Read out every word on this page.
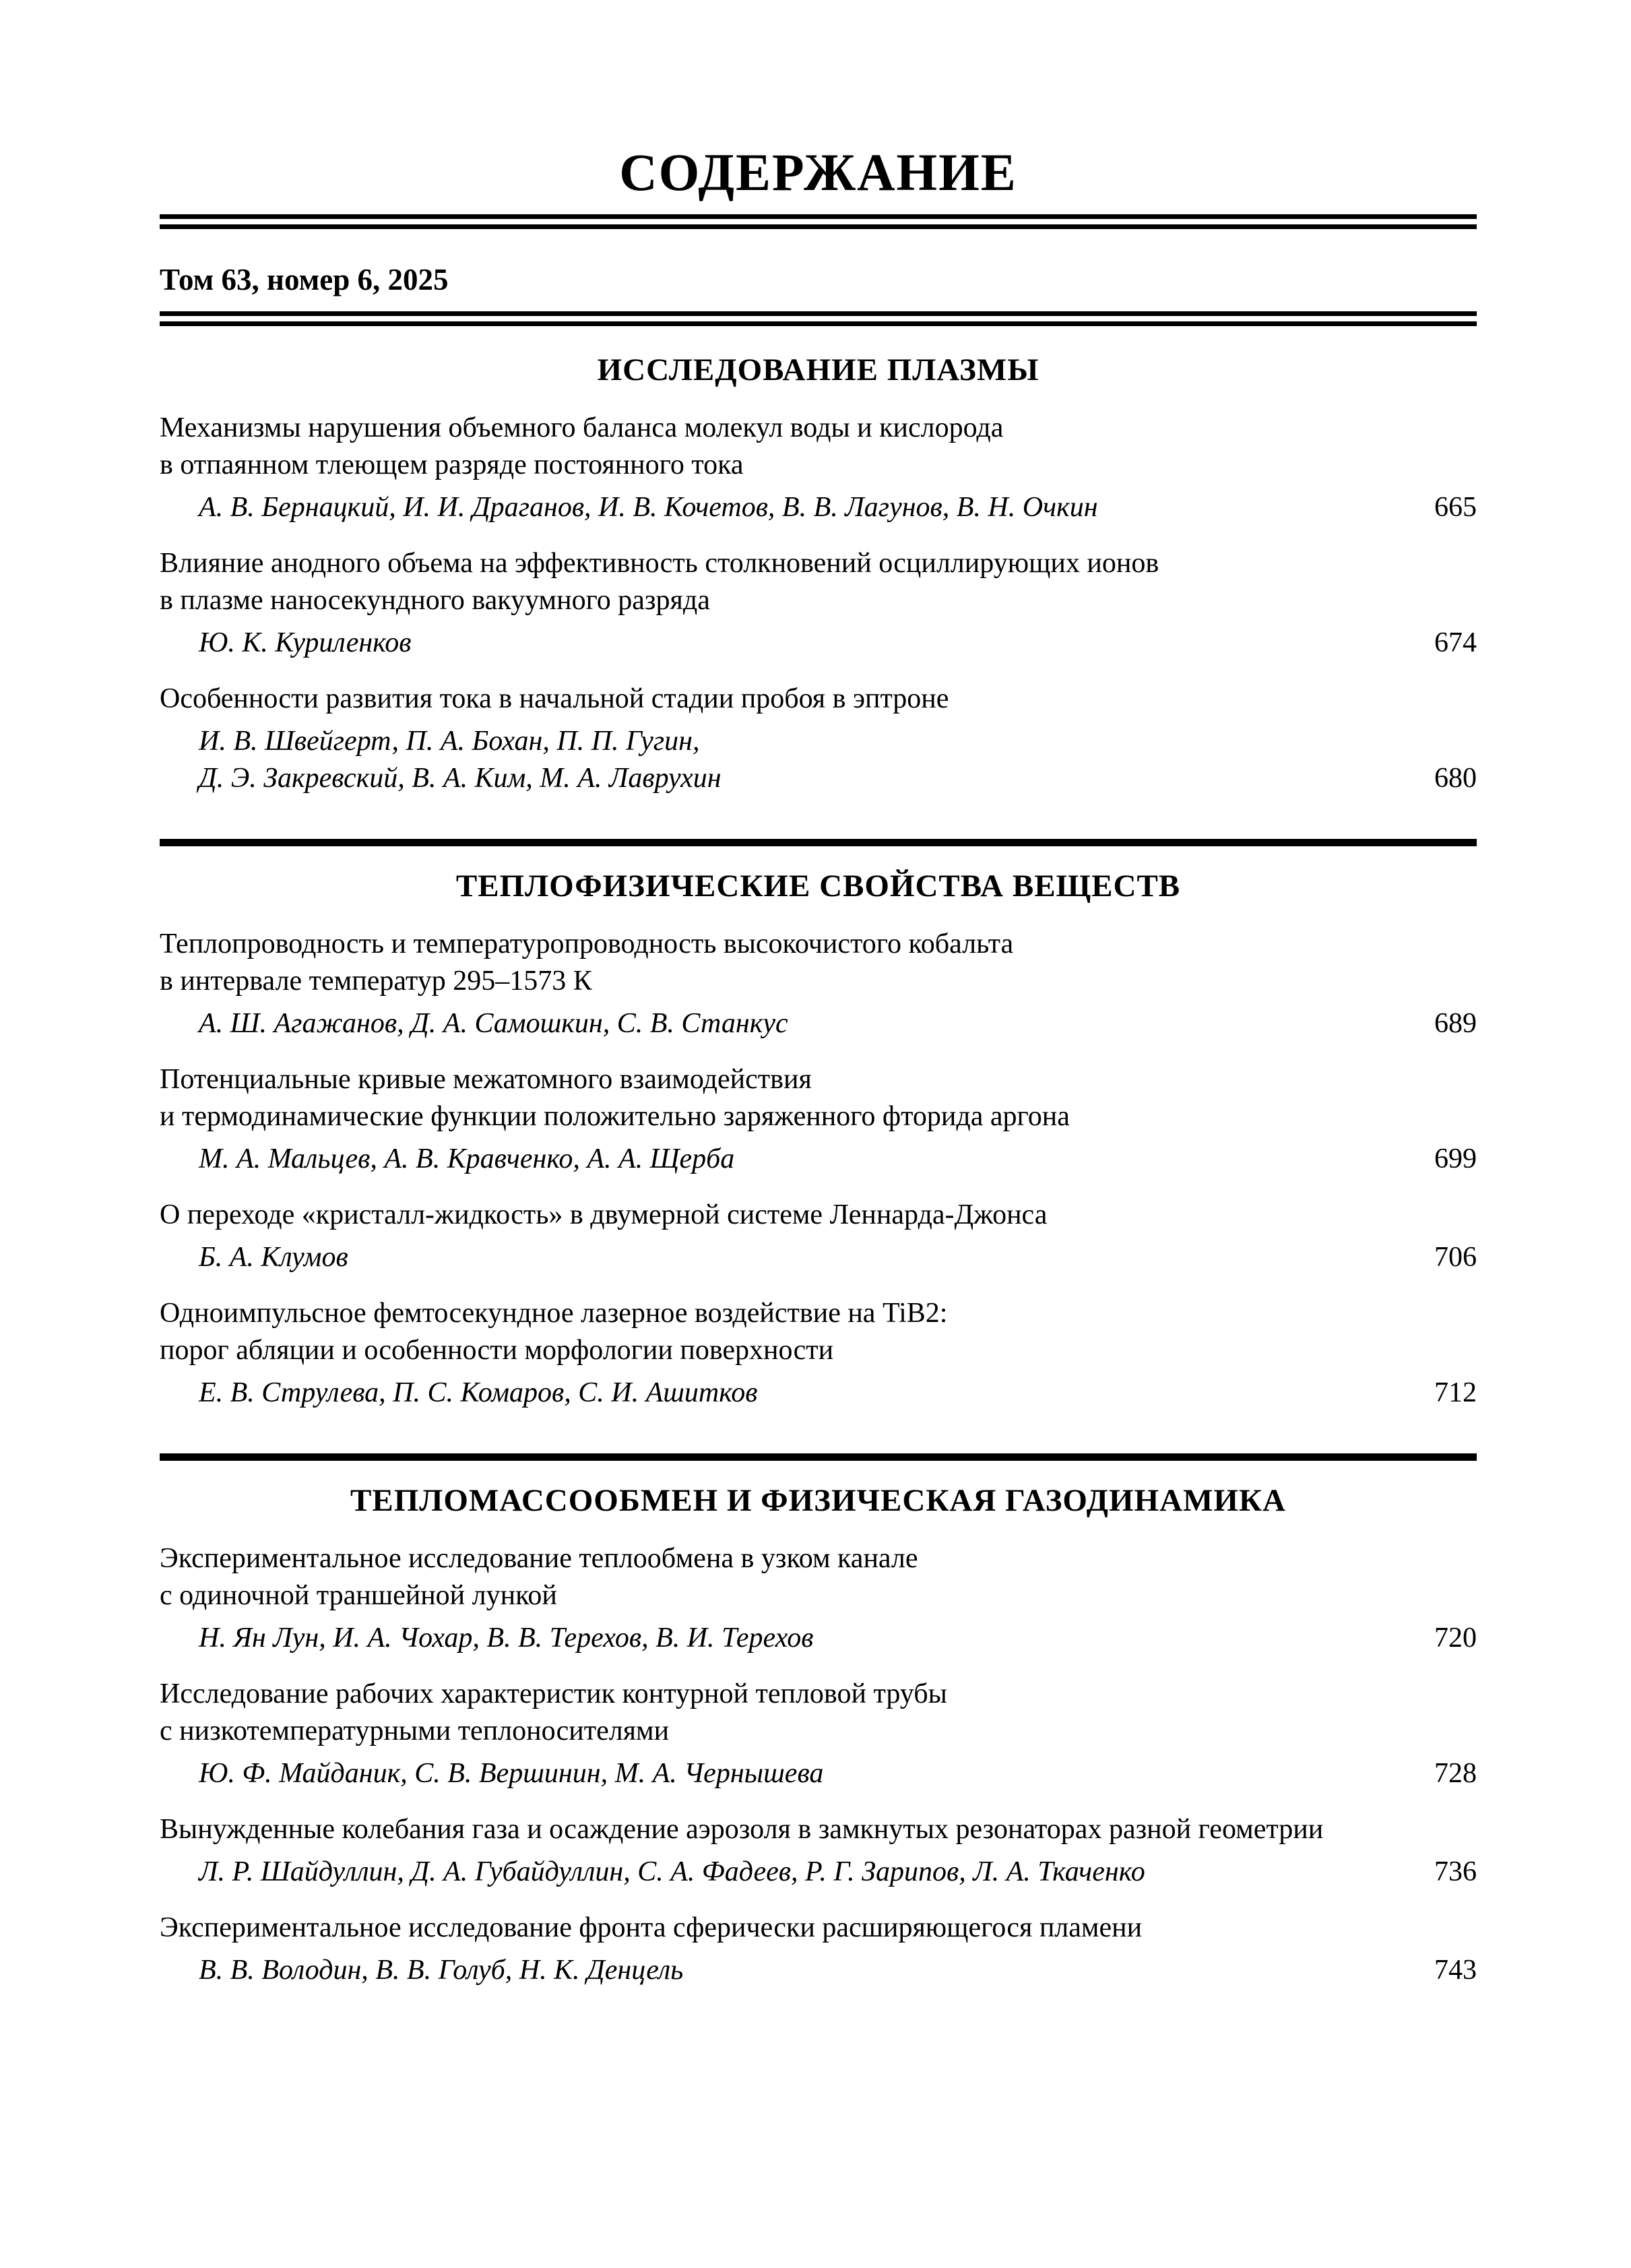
СОДЕРЖАНИЕ
Том 63, номер 6, 2025
ИССЛЕДОВАНИЕ ПЛАЗМЫ
Механизмы нарушения объемного баланса молекул воды и кислорода
в отпаянном тлеющем разряде постоянного тока
А. В. Бернацкий, И. И. Драганов, И. В. Кочетов, В. В. Лагунов, В. Н. Очкин	665
Влияние анодного объема на эффективность столкновений осциллирующих ионов
в плазме наносекундного вакуумного разряда
Ю. К. Куриленков	674
Особенности развития тока в начальной стадии пробоя в эптроне
И. В. Швейгерт, П. А. Бохан, П. П. Гугин,
Д. Э. Закревский, В. А. Ким, М. А. Лаврухин	680
ТЕПЛОФИЗИЧЕСКИЕ СВОЙСТВА ВЕЩЕСТВ
Теплопроводность и температуропроводность высокочистого кобальта
в интервале температур 295–1573 К
А. Ш. Агажанов, Д. А. Самошкин, С. В. Станкус	689
Потенциальные кривые межатомного взаимодействия
и термодинамические функции положительно заряженного фторида аргона
М. А. Мальцев, А. В. Кравченко, А. А. Щерба	699
О переходе «кристалл-жидкость» в двумерной системе Леннарда-Джонса
Б. А. Клумов	706
Одноимпульсное фемтосекундное лазерное воздействие на TiB2:
порог абляции и особенности морфологии поверхности
Е. В. Струлева, П. С. Комаров, С. И. Ашитков	712
ТЕПЛОМАССООБМЕН И ФИЗИЧЕСКАЯ ГАЗОДИНАМИКА
Экспериментальное исследование теплообмена в узком канале
с одиночной траншейной лункой
Н. Ян Лун, И. А. Чохар, В. В. Терехов, В. И. Терехов	720
Исследование рабочих характеристик контурной тепловой трубы
с низкотемпературными теплоносителями
Ю. Ф. Майданик, С. В. Вершинин, М. А. Чернышева	728
Вынужденные колебания газа и осаждение аэрозоля в замкнутых резонаторах разной геометрии
Л. Р. Шайдуллин, Д. А. Губайдуллин, С. А. Фадеев, Р. Г. Зарипов, Л. А. Ткаченко	736
Экспериментальное исследование фронта сферически расширяющегося пламени
В. В. Володин, В. В. Голуб, Н. К. Денцель	743
